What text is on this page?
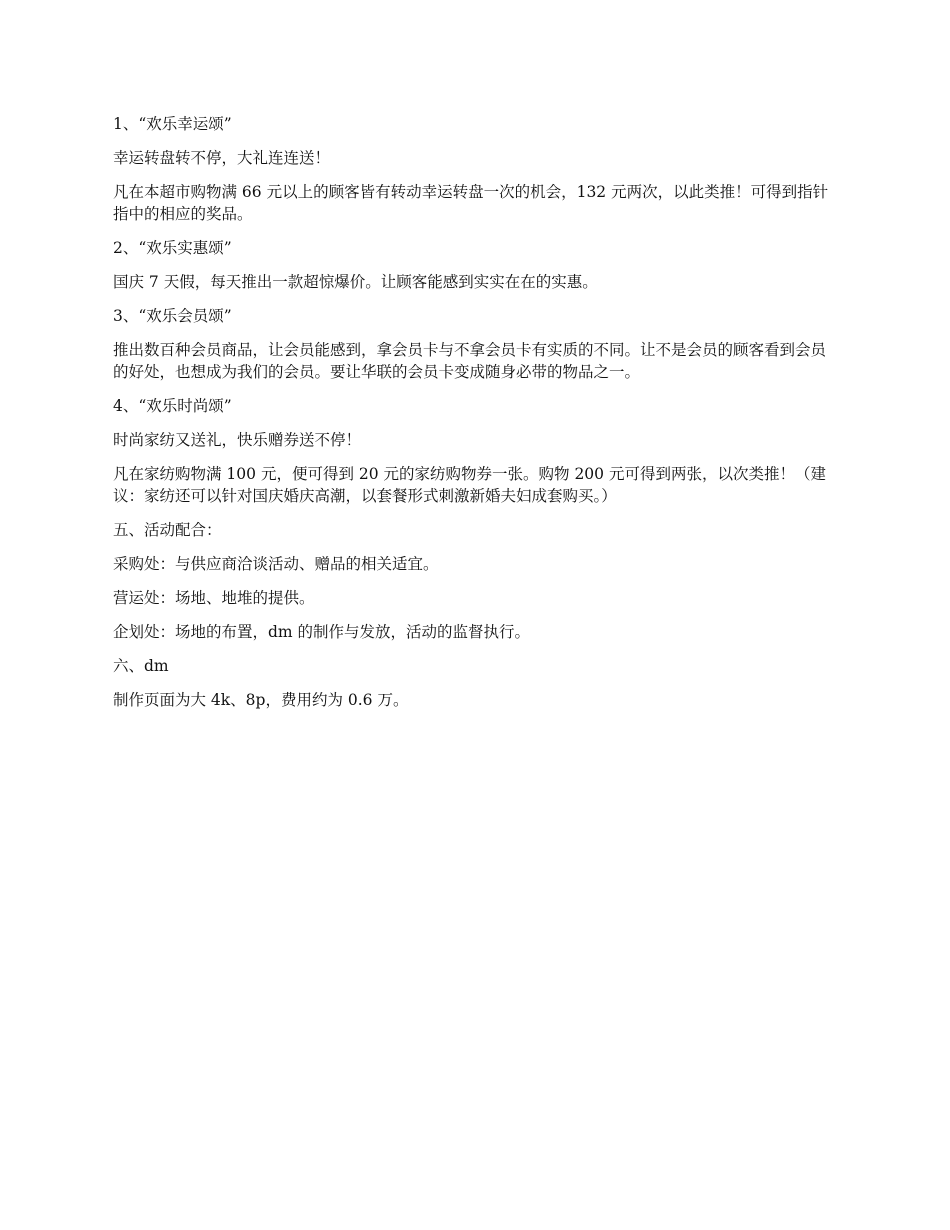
1、“欢乐幸运颂”

幸运转盘转不停，大礼连连送！

凡在本超市购物满 66 元以上的顾客皆有转动幸运转盘一次的机会，132 元两次，以此类推！可得到指针指中的相应的奖品。

2、“欢乐实惠颂”

国庆 7 天假，每天推出一款超惊爆价。让顾客能感到实实在在的实惠。

3、“欢乐会员颂”

推出数百种会员商品，让会员能感到，拿会员卡与不拿会员卡有实质的不同。让不是会员的顾客看到会员的好处，也想成为我们的会员。要让华联的会员卡变成随身必带的物品之一。

4、“欢乐时尚颂”

时尚家纺又送礼，快乐赠券送不停！

凡在家纺购物满 100 元，便可得到 20 元的家纺购物券一张。购物 200 元可得到两张，以次类推！（建议：家纺还可以针对国庆婚庆高潮，以套餐形式刺激新婚夫妇成套购买。）

五、活动配合：

采购处：与供应商洽谈活动、赠品的相关适宜。

营运处：场地、地堆的提供。

企划处：场地的布置，dm 的制作与发放，活动的监督执行。

六、dm

制作页面为大 4k、8p，费用约为 0.6 万。
